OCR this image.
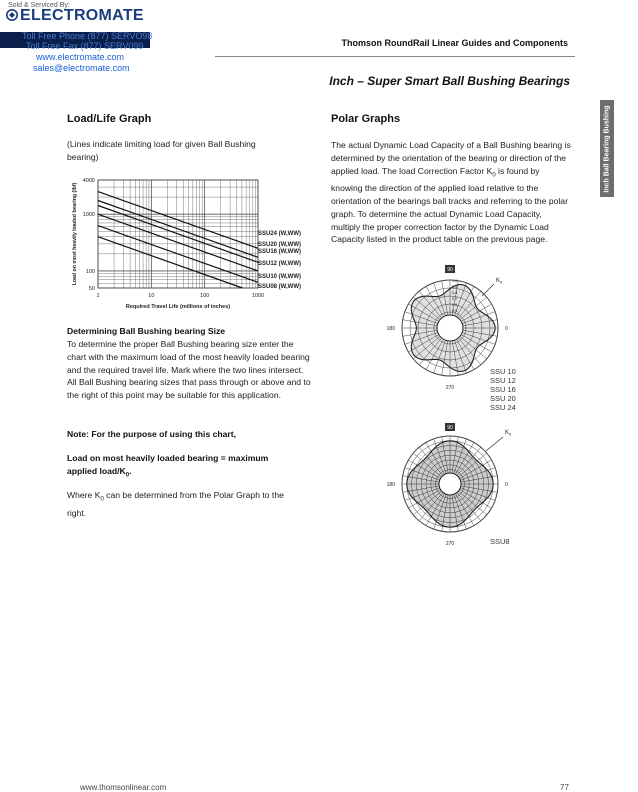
Sold & Serviced By:
ELECTROMATE
Toll Free Phone (877) SERVO98
Toll Free Fax (877) SERV099
www.electromate.com
sales@electromate.com
Thomson RoundRail Linear Guides and Components
Inch – Super Smart Ball Bushing Bearings
Inch Ball Bearing Bushing
Load/Life Graph
(Lines indicate limiting load for given Ball Bushing bearing)
1	10	100	1000
4000
1000
100
50
Required Travel Life (millions of inches)
Load on most heavily loaded bearing (lbf)	SSU24 (W,WW)
SSU20 (W,WW)
SSU16 (W,WW)
SSU12 (W,WW)
SSU10 (W,WW)
SSU08 (W,WW)
Determining Ball Bushing bearing Size
To determine the proper Ball Bushing bearing size enter the chart with the maximum load of the most heavily loaded bearing and the required travel life. Mark where the two lines intersect. All Ball Bushing bearing sizes that pass through or above and to the right of this point may be suitable for this application.
Note: For the purpose of using this chart,
Load on most heavily loaded bearing = maximum applied load/$K_0$.
Where $K_0$ can be determined from the Polar Graph to the right.
Polar Graphs
The actual Dynamic Load Capacity of a Ball Bushing bearing is determined by the orientation of the bearing or direction of the applied load. The load Correction Factor $K_0$ is found by knowing the direction of the applied load relative to the orientation of the bearings ball tracks and referring to the polar graph. To determine the actual Dynamic Load Capacity, multiply the proper correction factor by the Dynamic Load Capacity listed in the product table on the previous page.
90
180	0
270
$K_0$
1.0
0.9
0.8
0.7
0.6
0.5
SSU 10
SSU 12
SSU 16
SSU 20
SSU 24
90
180	0
270
$K_0$
SSU8
www.thomsonlinear.com	77
